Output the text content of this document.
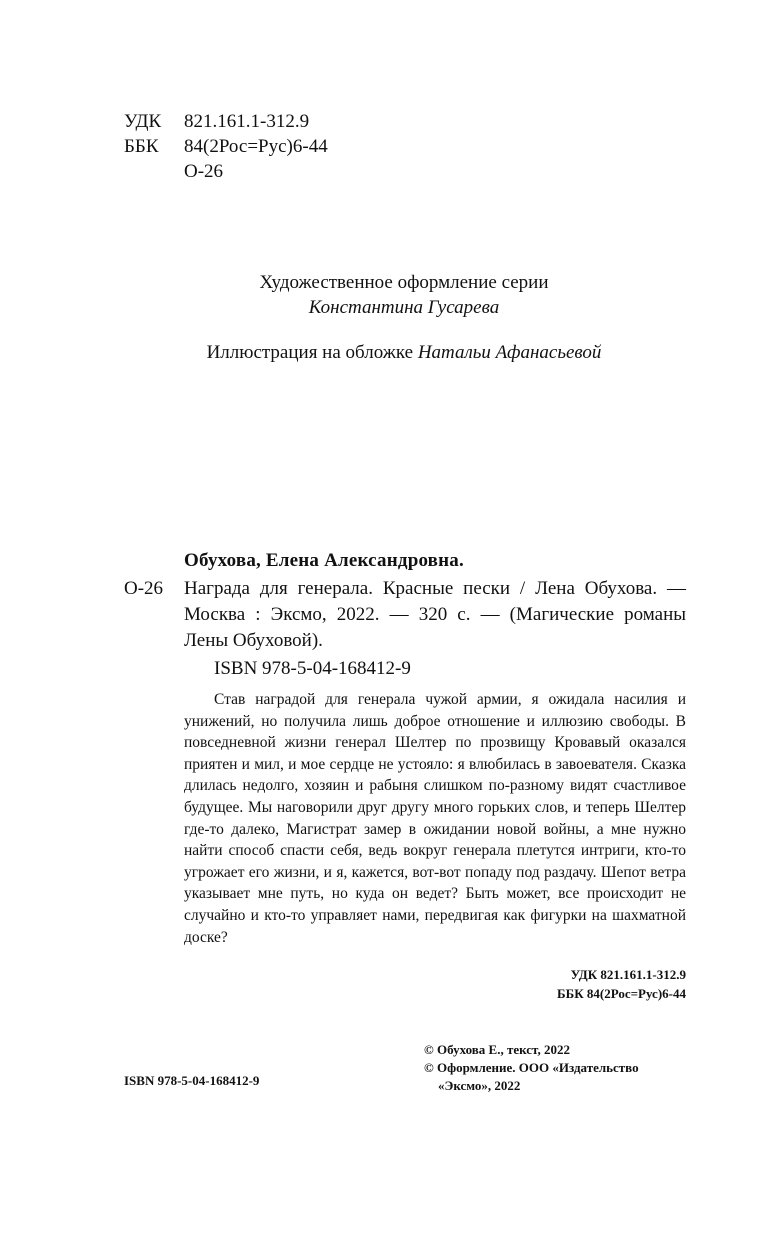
УДК	821.161.1-312.9
ББК	84(2Рос=Рус)6-44
О-26
Художественное оформление серии
Константина Гусарева
Иллюстрация на обложке Натальи Афанасьевой
Обухова, Елена Александровна.
О-26 Награда для генерала. Красные пески / Лена Обухова. — Москва : Эксмо, 2022. — 320 с. — (Магические романы Лены Обуховой).
ISBN 978-5-04-168412-9
Став наградой для генерала чужой армии, я ожидала насилия и унижений, но получила лишь доброе отношение и иллюзию свободы. В повседневной жизни генерал Шелтер по прозвищу Кровавый оказался приятен и мил, и мое сердце не устояло: я влюбилась в завоевателя. Сказка длилась недолго, хозяин и рабыня слишком по-разному видят счастливое будущее. Мы наговорили друг другу много горьких слов, и теперь Шелтер где-то далеко, Магистрат замер в ожидании новой войны, а мне нужно найти способ спасти себя, ведь вокруг генерала плетутся интриги, кто-то угрожает его жизни, и я, кажется, вот-вот попаду под раздачу. Шепот ветра указывает мне путь, но куда он ведет? Быть может, все происходит не случайно и кто-то управляет нами, передвигая как фигурки на шахматной доске?
УДК 821.161.1-312.9
ББК 84(2Рос=Рус)6-44
© Обухова Е., текст, 2022
© Оформление. ООО «Издательство
«Эксмо», 2022
ISBN 978-5-04-168412-9
